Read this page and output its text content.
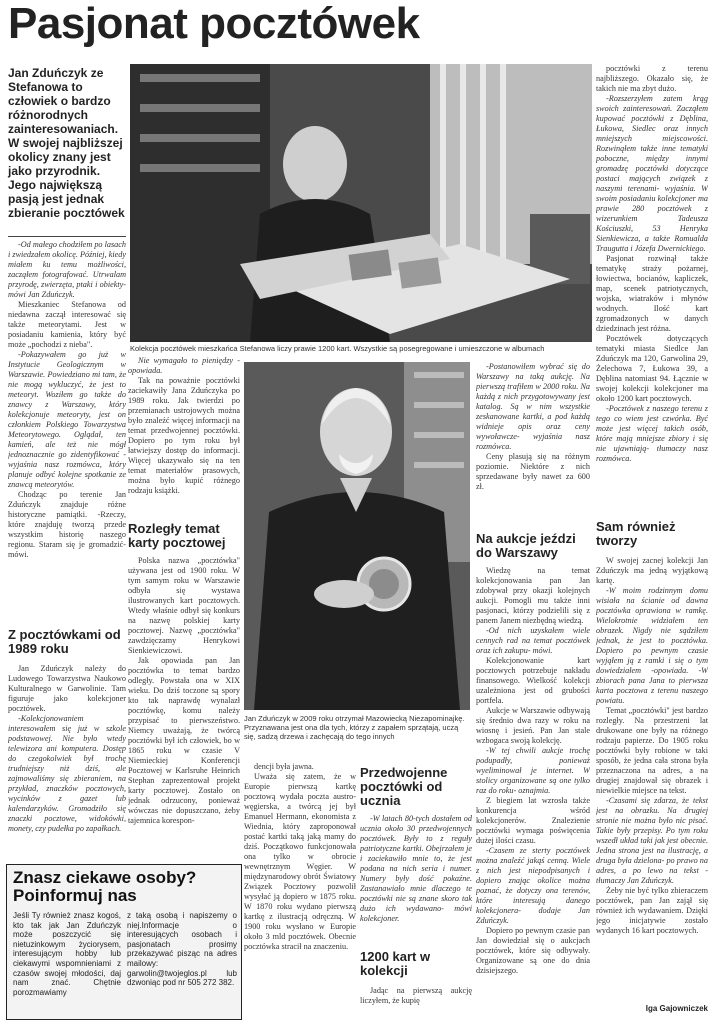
Pasjonat pocztówek
Jan Zduńczyk ze Stefanowa to człowiek o bardzo różnorodnych zainteresowaniach. W swojej najbliższej okolicy znany jest jako przyrodnik. Jego największą pasją jest jednak zbieranie pocztówek
Kolekcja pocztówek mieszkańca Stefanowa liczy prawie 1200 kart. Wszystkie są posegregowane i umieszczone w albumach

-Od małego chodziłem po lasach i zwiedzałem okolicę. Później, kiedy miałem ku temu możliwości, zacząłem fotografować. Utrwalam przyrodę, zwierzęta, ptaki i obiekty- mówi Jan Zduńczyk.

Mieszkaniec Stefanowa od niedawna zaczął interesować się także meteorytami. Jest w posiadaniu kamienia, który być może „pochodzi z nieba".

-Pokazywałem go już w Instytucie Geologicznym w Warszawie. Powiedziano mi tam, że nie mogą wykluczyć, że jest to meteoryt. Woziłem go także do znawcy z Warszawy, który kolekcjonuje meteoryty, jest on członkiem Polskiego Towarzystwa Meteorytowego. Oglądał, ten kamień, ale też nie mógł jednoznacznie go zidentyfikować -wyjaśnia nasz rozmówca, który planuje odbyć kolejne spotkanie ze znawcą meteorytów.

Chodząc po terenie Jan Zduńczyk znajduje różne historyczne pamiątki. -Rzeczy, które znajduję tworzą przede wszystkim historię naszego regionu. Staram się je gromadzić- mówi.

Z pocztówkami od 1989 roku

Jan Zduńczyk należy do Ludowego Towarzystwa Naukowo Kulturalnego w Garwolinie. Tam figuruje jako kolekcjoner pocztówek.

-Kolekcjonowaniem interesowałem się już w szkole podstawowej. Nie było wtedy telewizora ani komputera. Dostęp do czegokolwiek był trochę trudniejszy niż dziś, ale zajmowaliśmy się zbieraniem, na przykład, znaczków pocztowych, wycinków z gazet lub kalendarzyków. Gromadziło się znaczki pocztowe, widokówki, monety, czy pudełka po zapałkach.

Nie wymagało to pieniędzy -opowiada.

Tak na poważnie pocztówki zaciekawiły Jana Zduńczyka po 1989 roku. Jak twierdzi po przemianach ustrojowych można było znaleźć więcej informacji na temat przedwojennej pocztówki. Dopiero po tym roku był łatwiejszy dostęp do informacji. Więcej ukazywało się na ten temat materiałów prasowych, można było kupić różnego rodzaju książki.

Rozległy temat karty pocztowej

Polska nazwa „pocztówka" używana jest od 1900 roku. W tym samym roku w Warszawie odbyła się wystawa ilustrowanych kart pocztowych. Wtedy właśnie odbył się konkurs na nazwę polskiej karty pocztowej. Nazwę „pocztówka" zawdzięczamy Henrykowi Sienkiewiczowi.

Jak opowiada pan Jan pocztówka to temat bardzo odległy. Powstała ona w XIX wieku. Do dziś toczone są spory kto tak naprawdę wynalazł pocztówkę, komu należy przypisać to pierwszeństwo. Niemcy uważają, że twórcą pocztówki był ich człowiek, bo w 1865 roku w czasie V Niemieckiej Konferencji Pocztowej w Karlsruhe Heinrich Stephan zaprezentował projekt karty pocztowej. Zostało on jednak odrzucony, ponieważ wówczas nie dopuszczano, żeby tajemnica korespon-

Jan Zduńczyk w 2009 roku otrzymał Mazowiecką Niezapominajkę. Przyznawana jest ona dla tych, którzy z zapałem sprzątają, uczą się, sadzą drzewa i zachęcają do tego innych

dencji była jawna.

Uważa się zatem, że w Europie pierwszą kartkę pocztową wydała poczta austro-węgierska, a twórcą jej był Emanuel Hermann, ekonomista z Wiednia, który zaproponował postać kartki taką jaką mamy do dziś. Początkowo funkcjonowała ona tylko w obrocie wewnętrznym Węgier. W międzynarodowy obrót Światowy Związek Pocztowy pozwolił wysyłać ją dopiero w 1875 roku. W 1870 roku wydano pierwszą kartkę z ilustracją odręczną. W 1900 roku wysłano w Europie około 3 mld pocztówek. Obecnie pocztówka stracił na znaczeniu.

Przedwojenne pocztówki od ucznia

-W latach 80-tych dostałem od ucznia około 30 przedwojennych pocztówek. Były to z reguły patriotyczne kartki. Obejrzałem je i zaciekawiło mnie to, że jest podana na nich seria i numer. Numery były dość pokaźne. Zastanawiało mnie dlaczego te pocztówki nie są znane skoro tak dużo ich wydawano- mówi kolekcjoner.

1200 kart w kolekcji

Jadąc na pierwszą aukcję liczyłem, że kupię

-Postanowiłem wybrać się do Warszawy na taką aukcję. Na pierwszą trafiłem w 2000 roku. Na każdą z nich przygotowywany jest katalog. Są w nim wszystkie zeskanowane kartki, a pod każdą widnieje opis oraz ceny wywoławcze- wyjaśnia nasz rozmówca.

Ceny plasują się na różnym poziomie. Niektóre z nich sprzedawane były nawet za 600 zł.

Na aukcje jeździ do Warszawy

Wiedzę na temat kolekcjonowania pan Jan zdobywał przy okazji kolejnych aukcji. Pomogli mu także inni pasjonaci, którzy podzielili się z panem Janem niezbędną wiedzą.

-Od nich uzyskałem wiele cennych rad na temat pocztówek oraz ich zakupu- mówi.

Kolekcjonowanie kart pocztowych potrzebuje nakładu finansowego. Wielkość kolekcji uzależniona jest od grubości portfela.

Aukcje w Warszawie odbywają się średnio dwa razy w roku na wiosnę i jesień. Pan Jan stale wzbogaca swoją kolekcję.

-W tej chwili aukcje trochę podupadły, ponieważ wyeliminował je internet. W stolicy organizowane są one tylko raz do roku- oznajmia.

Z biegiem lat wzrosła także konkurencja wśród kolekcjonerów. Znalezienie pocztówki wymaga poświęcenia dużej ilości czasu.

-Czasem ze sterty pocztówek można znaleźć jakąś cenną. Wiele z nich jest niepodpisanych i dopiero znając okolice można poznać, że dotyczy ona terenów, które interesują danego kolekcjonera- dodaje Jan Zduńczyk.

Dopiero po pewnym czasie pan Jan dowiedział się o aukcjach pocztówek, które się odbywały. Organizowane są one do dnia dzisiejszego.

pocztówki z terenu najbliższego. Okazało się, że takich nie ma zbyt dużo.

-Rozszerzyłem zatem krąg swoich zainteresowań. Zacząłem kupować pocztówki z Dęblina, Łukowa, Siedlec oraz innych mniejszych miejscowości. Rozwinąłem także inne tematyki poboczne, między innymi gromadzę pocztówki dotyczące postaci mających związek z naszymi terenami- wyjaśnia. W swoim posiadaniu kolekcjoner ma prawie 280 pocztówek z wizerunkiem Tadeusza Kościuszki, 53 Henryka Sienkiewicza, a także Romualda Traugutta i Józefa Dwernickiego.

Pasjonat rozwinął także tematykę straży pożarnej, łowiectwa, bocianów, kapliczek, map, scenek patriotycznych, wojska, wiatraków i młynów wodnych. Ilość kart zgromadzonych w danych dziedzinach jest różna.

Pocztówek dotyczących tematyki miasta Siedlce Jan Zduńczyk ma 120, Garwolina 29, Żelechowa 7, Łukowa 39, a Dęblina natomiast 94. Łącznie w swojej kolekcji kolekcjoner ma około 1200 kart pocztowych.

-Pocztówek z naszego terenu z tego co wiem jest czwórka. Być może jest więcej takich osób, które mają mniejsze zbiory i się nie ujawniają- tłumaczy nasz rozmówca.

Sam również tworzy

W swojej zacnej kolekcji Jan Zduńczyk ma jedną wyjątkową kartę.

-W moim rodzinnym domu wisiała na ścianie od dawna pocztówka oprawiona w ramkę. Wielokrotnie widziałem ten obrazek. Nigdy nie sądziłem jednak, że jest to pocztówka. Dopiero po pewnym czasie wyjąłem ją z ramki i się o tym dowiedziałem -opowiada. -W zbiorach pana Jana to pierwsza karta pocztowa z terenu naszego powiatu.

Temat „pocztówki" jest bardzo rozległy. Na przestrzeni lat drukowane one były na różnego rodzaju papierze. Do 1905 roku pocztówki były robione w taki sposób, że jedna cała strona była przeznaczona na adres, a na drugiej znajdował się obrazek i niewielkie miejsce na tekst.

-Czasami się zdarza, że tekst jest na obrazku. Na drugiej stronie nie można było nic pisać. Takie były przepisy. Po tym roku wszedł układ taki jak jest obecnie. Jedna strona jest na ilustrację, a druga była dzielona- po prawo na adres, a po lewo na tekst -tłumaczy Jan Zduńczyk.

Żeby nie być tylko zbieraczem pocztówek, pan Jan zajął się również ich wydawaniem. Dzięki jego inicjatywie zostało wydanych 16 kart pocztowych.

Iga Gajowniczek
Znasz ciekawe osoby? Poinformuj nas
Jeśli Ty również znasz kogoś, kto tak jak Jan Zduńczyk może poszczycić się nietuzinkowym życiorysem, interesującym hobby lub ciekawymi wspomnieniami z czasów swojej młodości, daj nam znać. Chętnie porozmawiamy
z taką osobą i napiszemy o niej.Informacje o interesujących osobach i pasjonatach prosimy przekazywać pisząc na adres mailowy: garwolin@twojeglos.pl lub dzwoniąc pod nr 505 272 382.
